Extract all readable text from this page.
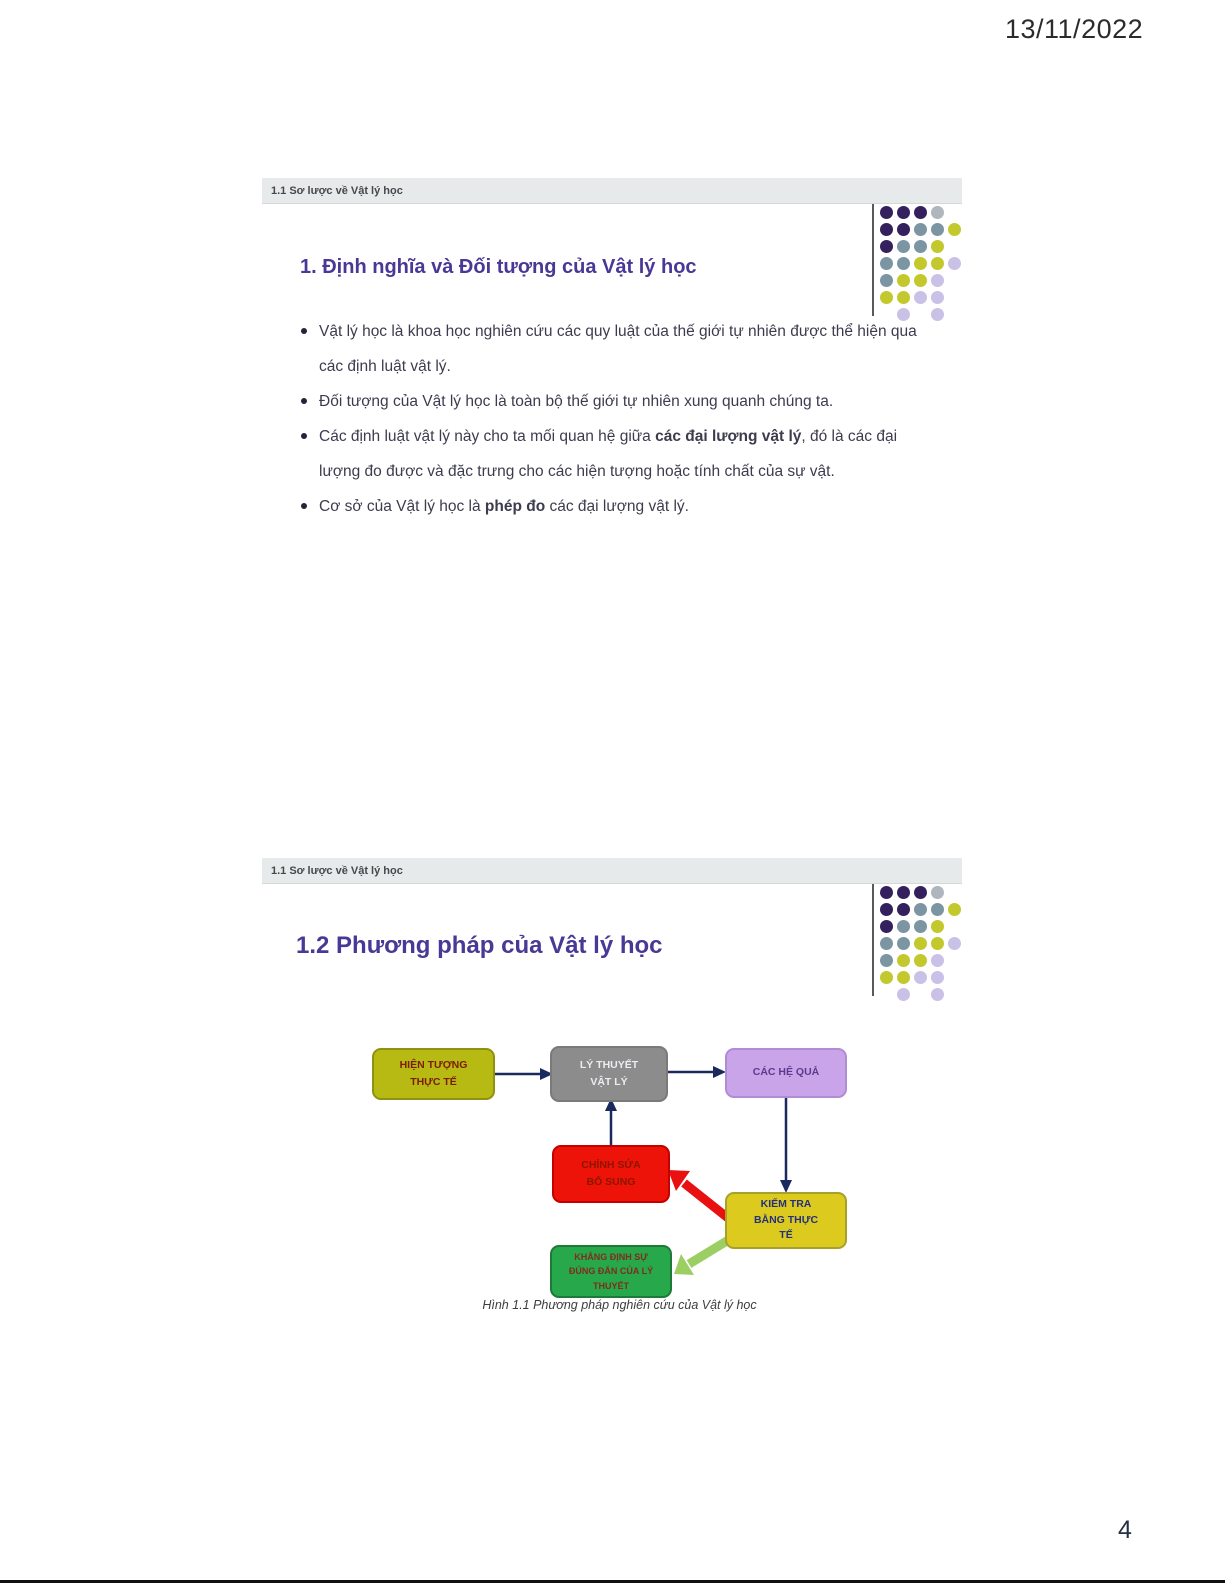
13/11/2022
1.1 Sơ lược về Vật lý học
1. Định nghĩa và Đối tượng của Vật lý học
Vật lý học là khoa học nghiên cứu các quy luật của thế giới tự nhiên được thể hiện qua các định luật vật lý.
Đối tượng của Vật lý học là toàn bộ thế giới tự nhiên xung quanh chúng ta.
Các định luật vật lý này cho ta mối quan hệ giữa các đại lượng vật lý, đó là các đại lượng đo được và đặc trưng cho các hiện tượng hoặc tính chất của sự vật.
Cơ sở của Vật lý học là phép đo các đại lượng vật lý.
1.1 Sơ lược về Vật lý học
1.2 Phương pháp của Vật lý học
HIỆN TƯỢNG
THỰC TẾ
LÝ THUYẾT
VẬT LÝ
CÁC HỆ QUẢ
CHỈNH SỬA
BỔ SUNG
KIỂM TRA
BẰNG THỰC
TẾ
KHẲNG ĐỊNH SỰ
ĐÚNG ĐẮN CỦA LÝ
THUYẾT
Hình 1.1 Phương pháp nghiên cứu của Vật lý học
4
